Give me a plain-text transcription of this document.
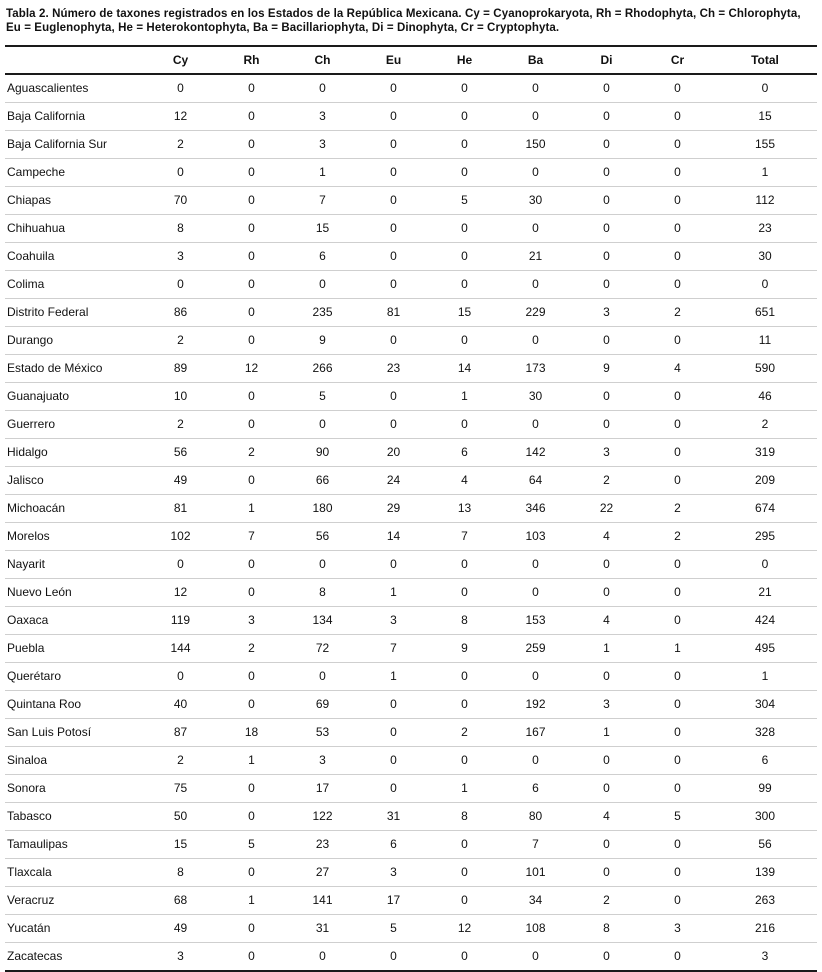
Tabla 2. Número de taxones registrados en los Estados de la República Mexicana. Cy = Cyanoprokaryota, Rh = Rhodophyta, Ch = Chlorophyta, Eu = Euglenophyta, He = Heterokontophyta, Ba = Bacillariophyta, Di = Dinophyta, Cr = Cryptophyta.
	Cy	Rh	Ch	Eu	He	Ba	Di	Cr	Total
Aguascalientes	0	0	0	0	0	0	0	0	0
Baja California	12	0	3	0	0	0	0	0	15
Baja California Sur	2	0	3	0	0	150	0	0	155
Campeche	0	0	1	0	0	0	0	0	1
Chiapas	70	0	7	0	5	30	0	0	112
Chihuahua	8	0	15	0	0	0	0	0	23
Coahuila	3	0	6	0	0	21	0	0	30
Colima	0	0	0	0	0	0	0	0	0
Distrito Federal	86	0	235	81	15	229	3	2	651
Durango	2	0	9	0	0	0	0	0	11
Estado de México	89	12	266	23	14	173	9	4	590
Guanajuato	10	0	5	0	1	30	0	0	46
Guerrero	2	0	0	0	0	0	0	0	2
Hidalgo	56	2	90	20	6	142	3	0	319
Jalisco	49	0	66	24	4	64	2	0	209
Michoacán	81	1	180	29	13	346	22	2	674
Morelos	102	7	56	14	7	103	4	2	295
Nayarit	0	0	0	0	0	0	0	0	0
Nuevo León	12	0	8	1	0	0	0	0	21
Oaxaca	119	3	134	3	8	153	4	0	424
Puebla	144	2	72	7	9	259	1	1	495
Querétaro	0	0	0	1	0	0	0	0	1
Quintana Roo	40	0	69	0	0	192	3	0	304
San Luis Potosí	87	18	53	0	2	167	1	0	328
Sinaloa	2	1	3	0	0	0	0	0	6
Sonora	75	0	17	0	1	6	0	0	99
Tabasco	50	0	122	31	8	80	4	5	300
Tamaulipas	15	5	23	6	0	7	0	0	56
Tlaxcala	8	0	27	3	0	101	0	0	139
Veracruz	68	1	141	17	0	34	2	0	263
Yucatán	49	0	31	5	12	108	8	3	216
Zacatecas	3	0	0	0	0	0	0	0	3
